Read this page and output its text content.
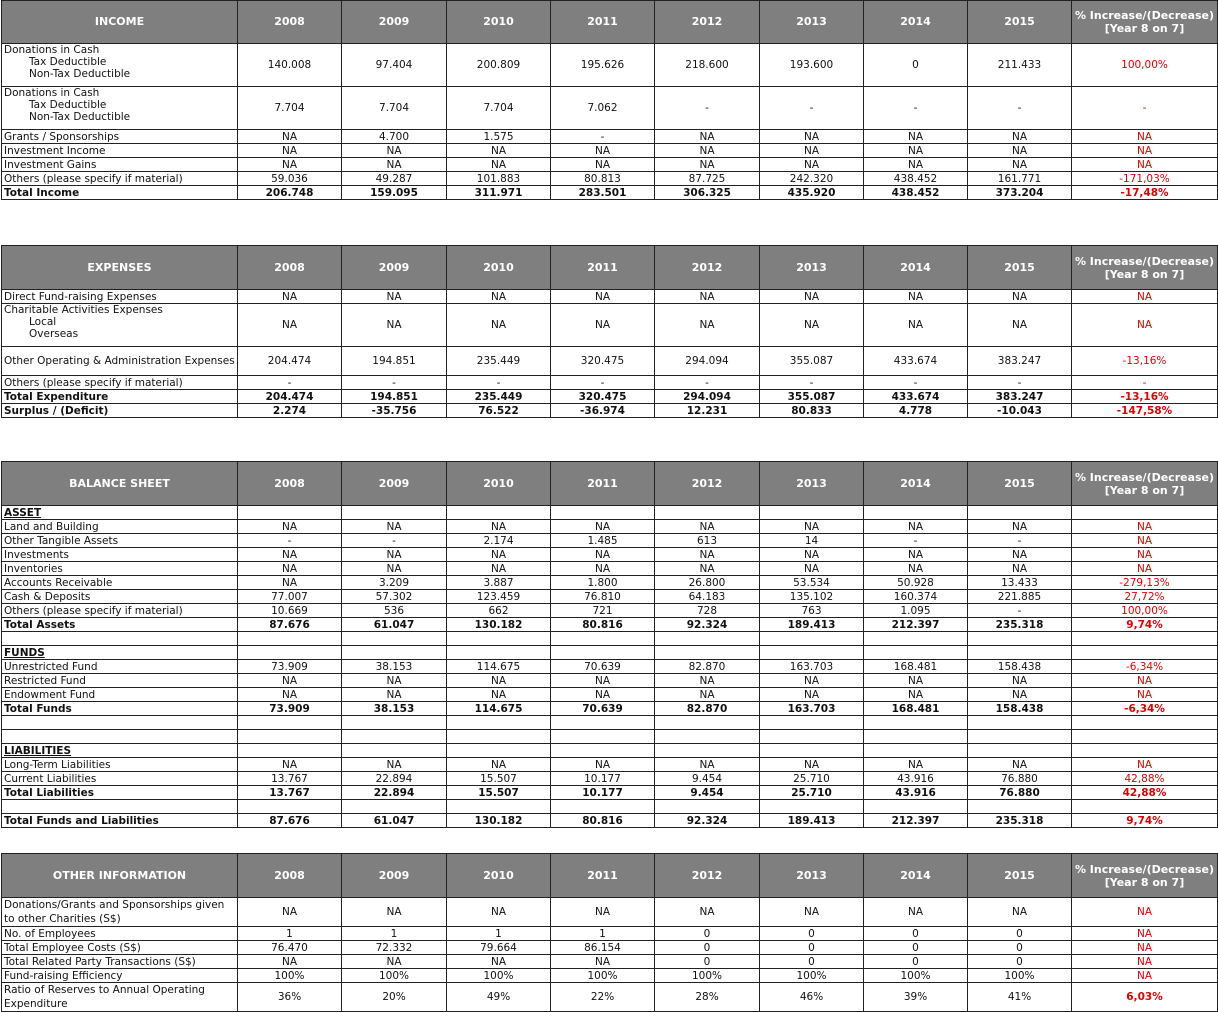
INCOME	2008	2009	2010	2011	2012	2013	2014	2015	% Increase/(Decrease) [Year 8 on 7]

Donations in Cash
Tax Deductible
Non-Tax Deductible	140.008	97.404	200.809	195.626	218.600	193.600	0	211.433	100,00%

Donations in Cash
Tax Deductible
Non-Tax Deductible	7.704	7.704	7.704	7.062	-	-	-	-	-

Grants / Sponsorships	NA	4.700	1.575	-	NA	NA	NA	NA	NA

Investment Income	NA	NA	NA	NA	NA	NA	NA	NA	NA

Investment Gains	NA	NA	NA	NA	NA	NA	NA	NA	NA

Others (please specify if material)	59.036	49.287	101.883	80.813	87.725	242.320	438.452	161.771	-171,03%

Total Income	206.748	159.095	311.971	283.501	306.325	435.920	438.452	373.204	-17,48%
EXPENSES	2008	2009	2010	2011	2012	2013	2014	2015	% Increase/(Decrease) [Year 8 on 7]

Direct Fund-raising Expenses	NA	NA	NA	NA	NA	NA	NA	NA	NA

Charitable Activities Expenses
Local
Overseas	NA	NA	NA	NA	NA	NA	NA	NA	NA

Other Operating & Administration Expenses	204.474	194.851	235.449	320.475	294.094	355.087	433.674	383.247	-13,16%

Others (please specify if material)	-	-	-	-	-	-	-	-	-

Total Expenditure	204.474	194.851	235.449	320.475	294.094	355.087	433.674	383.247	-13,16%

Surplus / (Deficit)	2.274	-35.756	76.522	-36.974	12.231	80.833	4.778	-10.043	-147,58%
BALANCE SHEET	2008	2009	2010	2011	2012	2013	2014	2015	% Increase/(Decrease) [Year 8 on 7]
ASSET									

Land and Building	NA	NA	NA	NA	NA	NA	NA	NA	NA

Other Tangible Assets	-	-	2.174	1.485	613	14	-	-	NA

Investments	NA	NA	NA	NA	NA	NA	NA	NA	NA

Inventories	NA	NA	NA	NA	NA	NA	NA	NA	NA

Accounts Receivable	NA	3.209	3.887	1.800	26.800	53.534	50.928	13.433	-279,13%

Cash & Deposits	77.007	57.302	123.459	76.810	64.183	135.102	160.374	221.885	27,72%

Others (please specify if material)	10.669	536	662	721	728	763	1.095	-	100,00%

Total Assets	87.676	61.047	130.182	80.816	92.324	189.413	212.397	235.318	9,74%

FUNDS									

Unrestricted Fund	73.909	38.153	114.675	70.639	82.870	163.703	168.481	158.438	-6,34%

Restricted Fund	NA	NA	NA	NA	NA	NA	NA	NA	NA

Endowment Fund	NA	NA	NA	NA	NA	NA	NA	NA	NA

Total Funds	73.909	38.153	114.675	70.639	82.870	163.703	168.481	158.438	-6,34%

LIABILITIES									

Long-Term Liabilities	NA	NA	NA	NA	NA	NA	NA	NA	NA

Current Liabilities	13.767	22.894	15.507	10.177	9.454	25.710	43.916	76.880	42,88%

Total Liabilities	13.767	22.894	15.507	10.177	9.454	25.710	43.916	76.880	42,88%

Total Funds and Liabilities	87.676	61.047	130.182	80.816	92.324	189.413	212.397	235.318	9,74%
OTHER INFORMATION	2008	2009	2010	2011	2012	2013	2014	2015	% Increase/(Decrease) [Year 8 on 7]

Donations/Grants and Sponsorships given
to other Charities (S$)	NA	NA	NA	NA	NA	NA	NA	NA	NA

No. of Employees	1	1	1	1	0	0	0	0	NA

Total Employee Costs (S$)	76.470	72.332	79.664	86.154	0	0	0	0	NA

Total Related Party Transactions (S$)	NA	NA	NA	NA	0	0	0	0	NA

Fund-raising Efficiency	100%	100%	100%	100%	100%	100%	100%	100%	NA

Ratio of Reserves to Annual Operating
Expenditure	36%	20%	49%	22%	28%	46%	39%	41%	6,03%
